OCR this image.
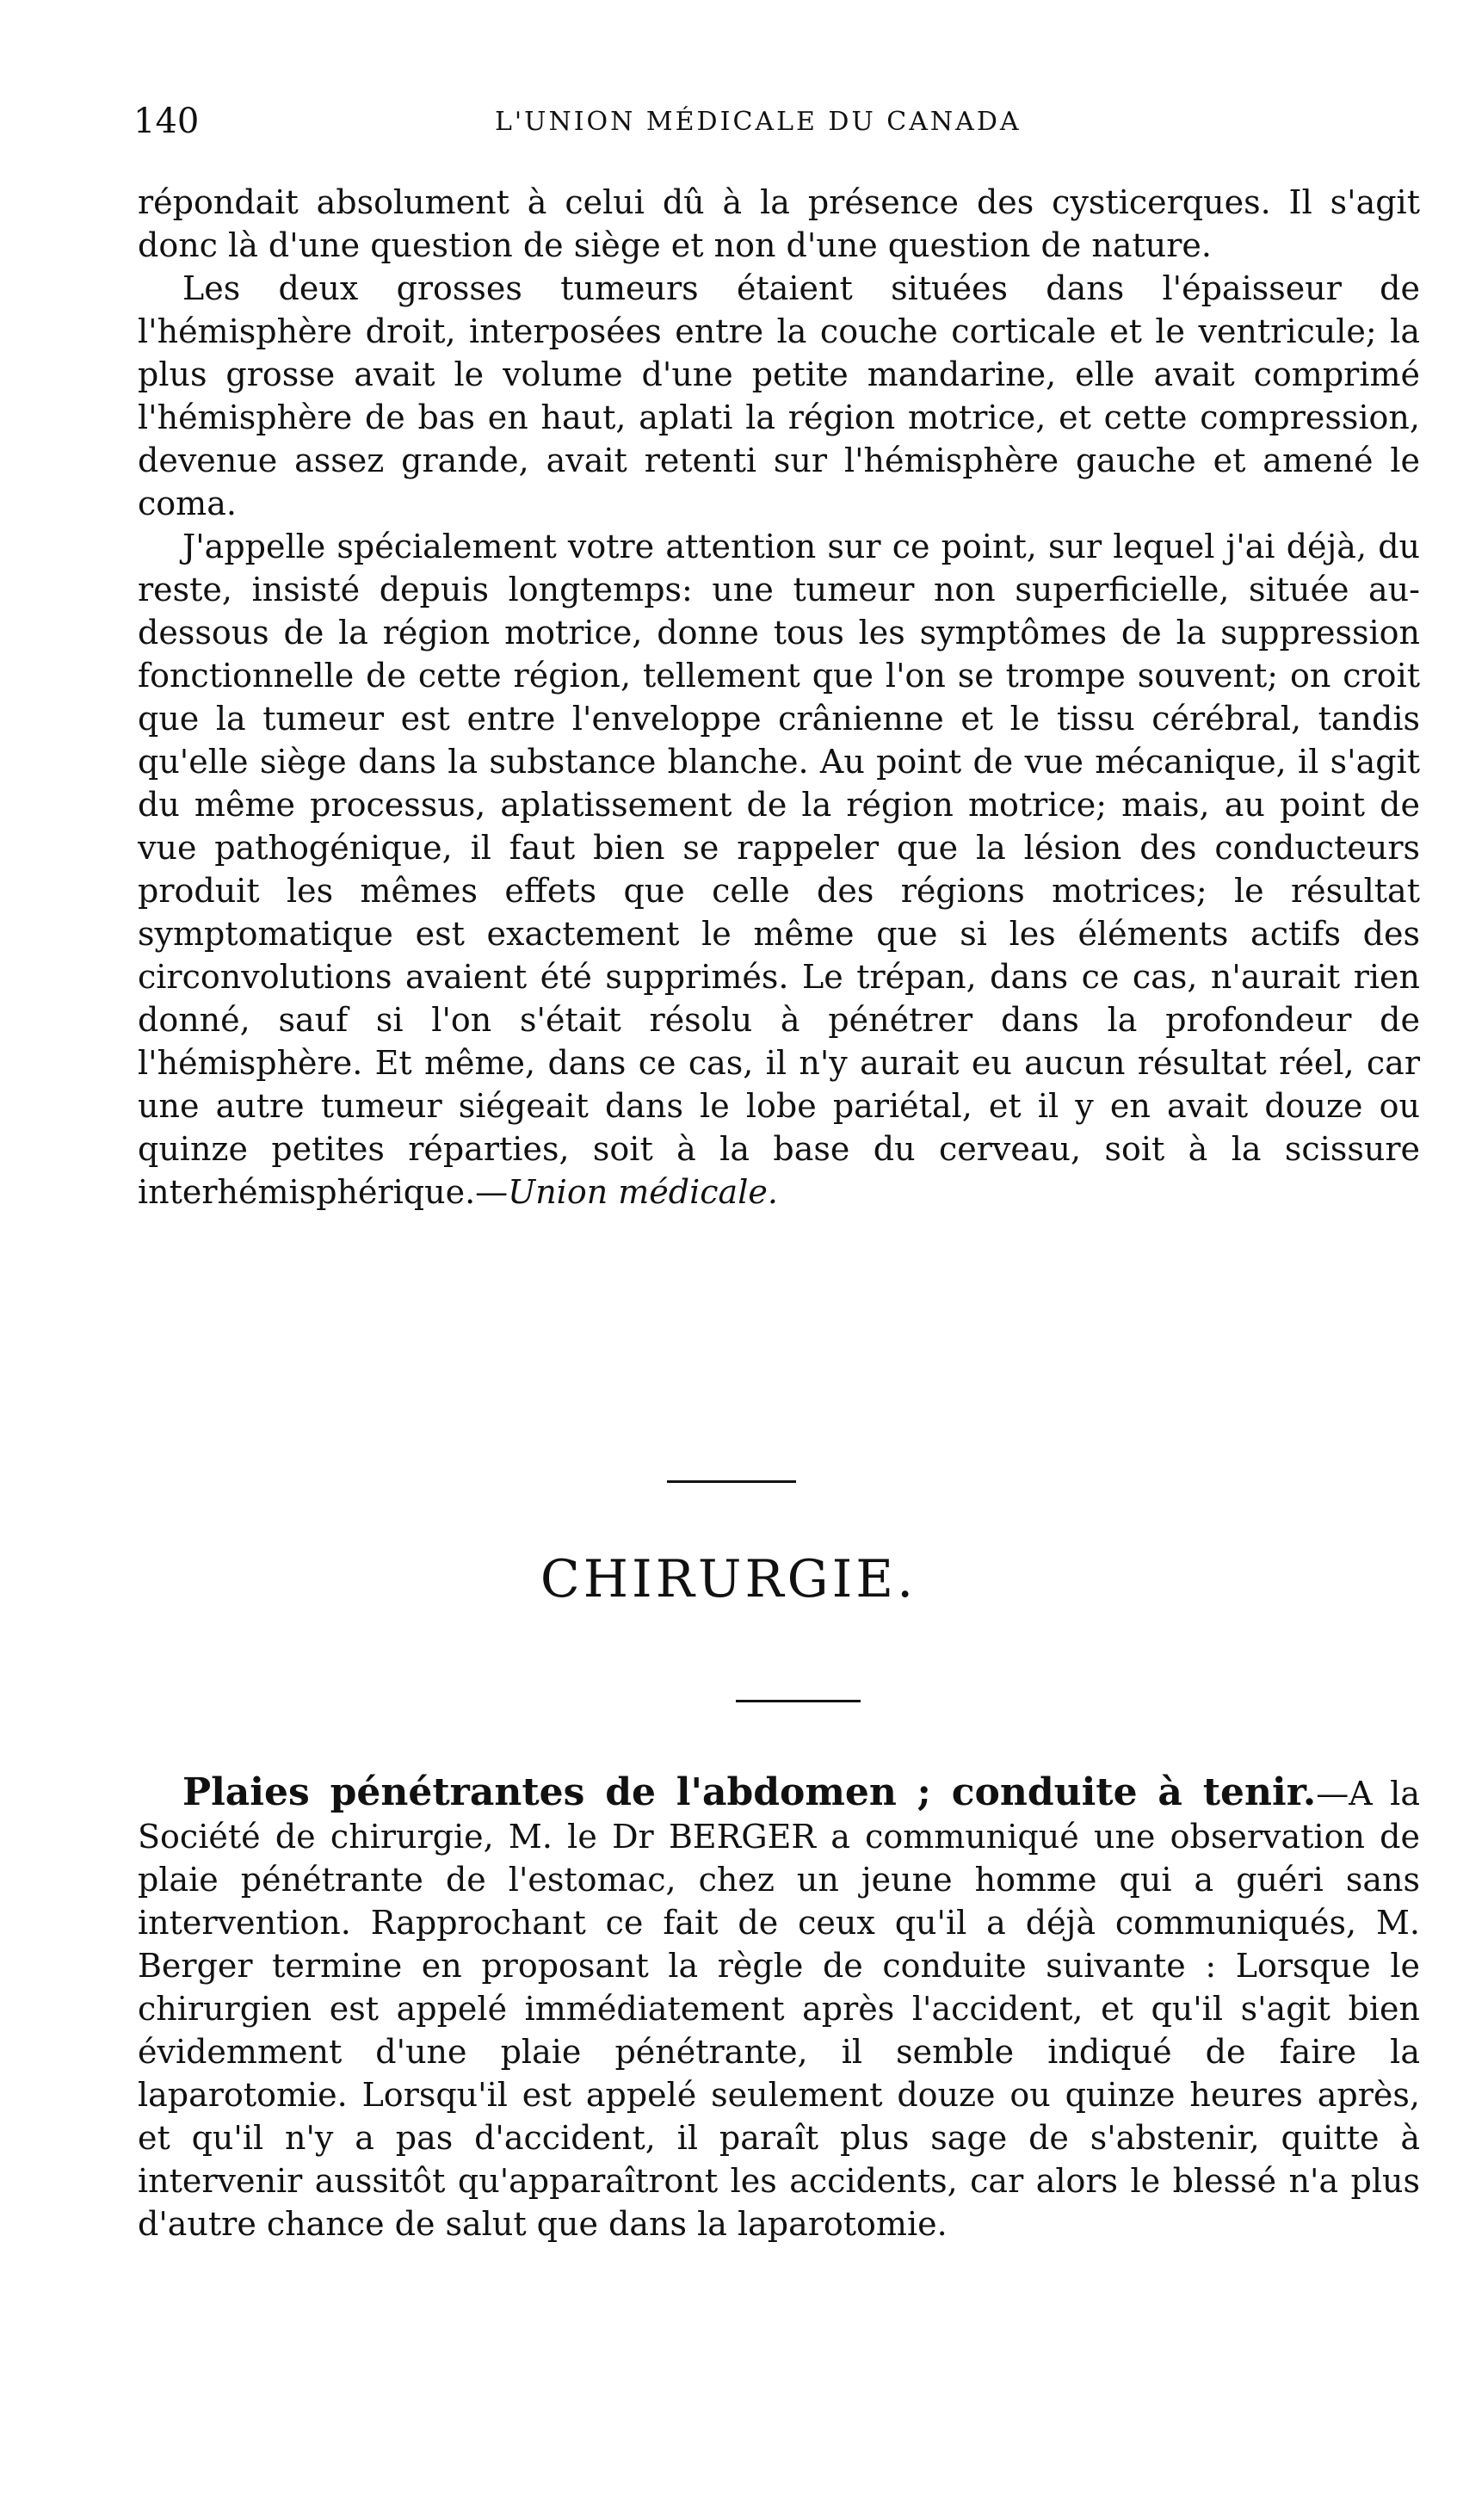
140	L'UNION MÉDICALE DU CANADA

répondait absolument à celui dû à la présence des cysticerques. Il s'agit donc là d'une question de siège et non d'une question de nature.

Les deux grosses tumeurs étaient situées dans l'épaisseur de l'hémisphère droit, interposées entre la couche corticale et le ventricule; la plus grosse avait le volume d'une petite mandarine, elle avait comprimé l'hémisphère de bas en haut, aplati la région motrice, et cette compression, devenue assez grande, avait retenti sur l'hémisphère gauche et amené le coma.

J'appelle spécialement votre attention sur ce point, sur lequel j'ai déjà, du reste, insisté depuis longtemps: une tumeur non superficielle, située au-dessous de la région motrice, donne tous les symptômes de la suppression fonctionnelle de cette région, tellement que l'on se trompe souvent; on croit que la tumeur est entre l'enveloppe crânienne et le tissu cérébral, tandis qu'elle siège dans la substance blanche. Au point de vue mécanique, il s'agit du même processus, aplatissement de la région motrice; mais, au point de vue pathogénique, il faut bien se rappeler que la lésion des conducteurs produit les mêmes effets que celle des régions motrices; le résultat symptomatique est exactement le même que si les éléments actifs des circonvolutions avaient été supprimés. Le trépan, dans ce cas, n'aurait rien donné, sauf si l'on s'était résolu à pénétrer dans la profondeur de l'hémisphère. Et même, dans ce cas, il n'y aurait eu aucun résultat réel, car une autre tumeur siégeait dans le lobe pariétal, et il y en avait douze ou quinze petites réparties, soit à la base du cerveau, soit à la scissure interhémisphérique.—Union médicale.

CHIRURGIE.

Plaies pénétrantes de l'abdomen ; conduite à tenir.—A la Société de chirurgie, M. le Dr BERGER a communiqué une observation de plaie pénétrante de l'estomac, chez un jeune homme qui a guéri sans intervention. Rapprochant ce fait de ceux qu'il a déjà communiqués, M. Berger termine en proposant la règle de conduite suivante : Lorsque le chirurgien est appelé immédiatement après l'accident, et qu'il s'agit bien évidemment d'une plaie pénétrante, il semble indiqué de faire la laparotomie. Lorsqu'il est appelé seulement douze ou quinze heures après, et qu'il n'y a pas d'accident, il paraît plus sage de s'abstenir, quitte à intervenir aussitôt qu'apparaîtront les accidents, car alors le blessé n'a plus d'autre chance de salut que dans la laparotomie.
